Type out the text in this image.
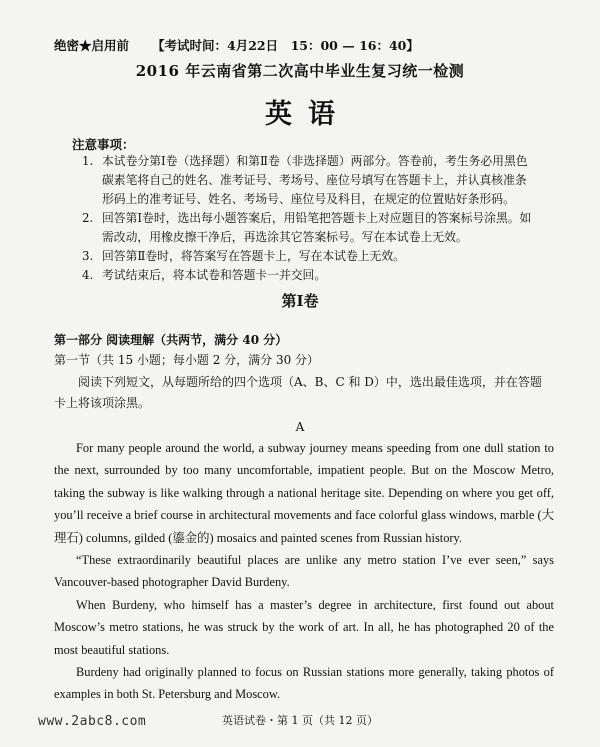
绝密★启用前 【考试时间：4月22日　15：00 — 16：40】
2016 年云南省第二次高中毕业生复习统一检测
英语
注意事项：
1. 本试卷分第Ⅰ卷（选择题）和第Ⅱ卷（非选择题）两部分。答卷前，考生务必用黑色碳素笔将自己的姓名、准考证号、考场号、座位号填写在答题卡上，并认真核准条形码上的准考证号、姓名、考场号、座位号及科目，在规定的位置贴好条形码。
2. 回答第Ⅰ卷时，选出每小题答案后，用铅笔把答题卡上对应题目的答案标号涂黑。如需改动，用橡皮擦干净后，再选涂其它答案标号。写在本试卷上无效。
3. 回答第Ⅱ卷时，将答案写在答题卡上，写在本试卷上无效。
4. 考试结束后，将本试卷和答题卡一并交回。
第Ⅰ卷
第一部分 阅读理解（共两节，满分 40 分）
第一节（共 15 小题；每小题 2 分，满分 30 分）
阅读下列短文，从每题所给的四个选项（A、B、C 和 D）中，选出最佳选项，并在答题卡上将该项涂黑。
A

For many people around the world, a subway journey means speeding from one dull station to the next, surrounded by too many uncomfortable, impatient people. But on the Moscow Metro, taking the subway is like walking through a national heritage site. Depending on where you get off, you’ll receive a brief course in architectural movements and face colorful glass windows, marble (大理石) columns, gilded (鎏金的) mosaics and painted scenes from Russian history.

“These extraordinarily beautiful places are unlike any metro station I’ve ever seen,” says Vancouver-based photographer David Burdeny.

When Burdeny, who himself has a master’s degree in architecture, first found out about Moscow’s metro stations, he was struck by the work of art. In all, he has photographed 20 of the most beautiful stations.

Burdeny had originally planned to focus on Russian stations more generally, taking photos of examples in both St. Petersburg and Moscow.

www.2abc8.com	英语试卷・第 1 页（共 12 页）
